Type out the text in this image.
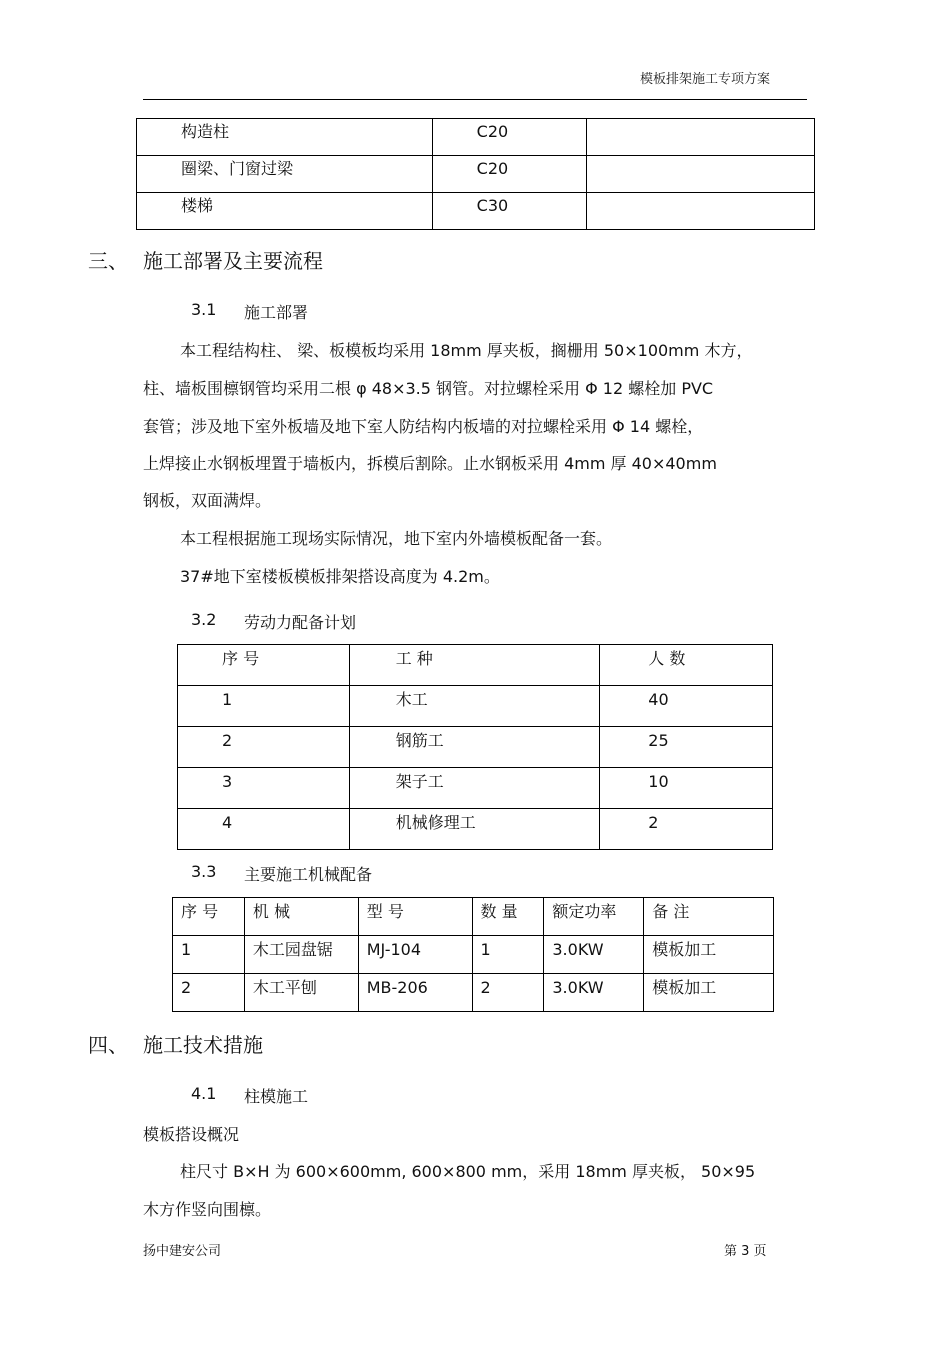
模板排架施工专项方案
构造柱	C20	

圈梁、门窗过梁	C20	

楼梯	C30	

三、 施工部署及主要流程
3.1 施工部署
本工程结构柱、 梁、板模板均采用 18mm 厚夹板，搁栅用 50×100mm 木方，
柱、墙板围檩钢管均采用二根 φ 48×3.5 钢管。对拉螺栓采用 Φ 12 螺栓加 PVC
套管；涉及地下室外板墙及地下室人防结构内板墙的对拉螺栓采用 Φ 14 螺栓，
上焊接止水钢板埋置于墙板内，拆模后割除。止水钢板采用 4mm 厚 40×40mm
钢板，双面满焊。
本工程根据施工现场实际情况，地下室内外墙模板配备一套。
37#地下室楼板模板排架搭设高度为 4.2m。
3.2 劳动力配备计划
序 号	工 种	人 数

1	木工	40

2	钢筋工	25

3	架子工	10

4	机械修理工	2
3.3 主要施工机械配备
序 号	机 械	型 号	数 量	额定功率	备 注

1	木工园盘锯	MJ-104	1	3.0KW	模板加工

2	木工平刨	MB-206	2	3.0KW	模板加工
四、 施工技术措施
4.1 柱模施工
模板搭设概况
柱尺寸 B×H 为 600×600mm, 600×800 mm，采用 18mm 厚夹板， 50×95
木方作竖向围檩。
扬中建安公司	第 3 页
